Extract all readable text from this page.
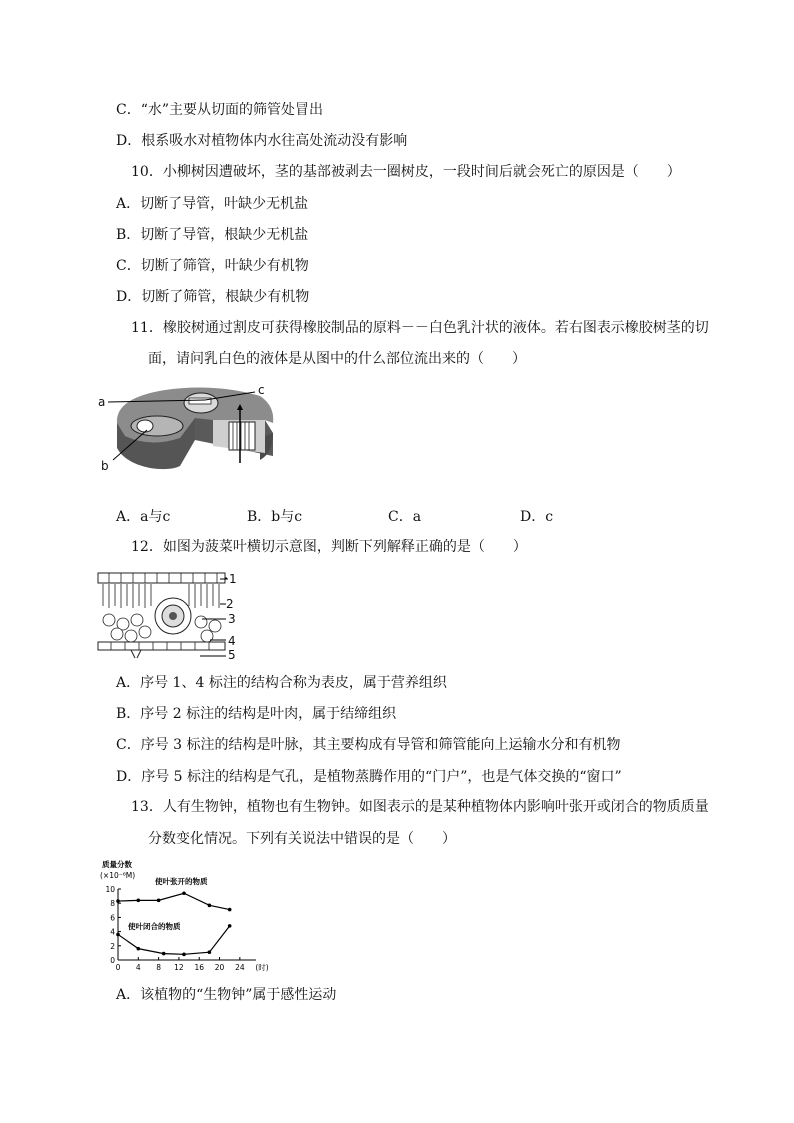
C．“水”主要从切面的筛管处冒出
D．根系吸水对植物体内水往高处流动没有影响
10．小柳树因遭破坏，茎的基部被剥去一圈树皮，一段时间后就会死亡的原因是（　　）
A．切断了导管，叶缺少无机盐
B．切断了导管，根缺少无机盐
C．切断了筛管，叶缺少有机物
D．切断了筛管，根缺少有机物
11．橡胶树通过割皮可获得橡胶制品的原料－－白色乳汁状的液体。若右图表示橡胶树茎的切
面，请问乳白色的液体是从图中的什么部位流出来的（　　）
a
c
b
A．a与c	B．b与c	C．a	D．c
12．如图为菠菜叶横切示意图，判断下列解释正确的是（　　）
1
2
3
4
5
A．序号 1、4 标注的结构合称为表皮，属于营养组织
B．序号 2 标注的结构是叶肉，属于结缔组织
C．序号 3 标注的结构是叶脉，其主要构成有导管和筛管能向上运输水分和有机物
D．序号 5 标注的结构是气孔，是植物蒸腾作用的“门户”，也是气体交换的“窗口”
13．人有生物钟，植物也有生物钟。如图表示的是某种植物体内影响叶张开或闭合的物质质量
分数变化情况。下列有关说法中错误的是（　　）
质量分数
(×10⁻⁶M)
0
2
4
6
8
10
0 4 8 12 16 20 24 (时)
使叶张开的物质
使叶闭合的物质
A．该植物的“生物钟”属于感性运动
